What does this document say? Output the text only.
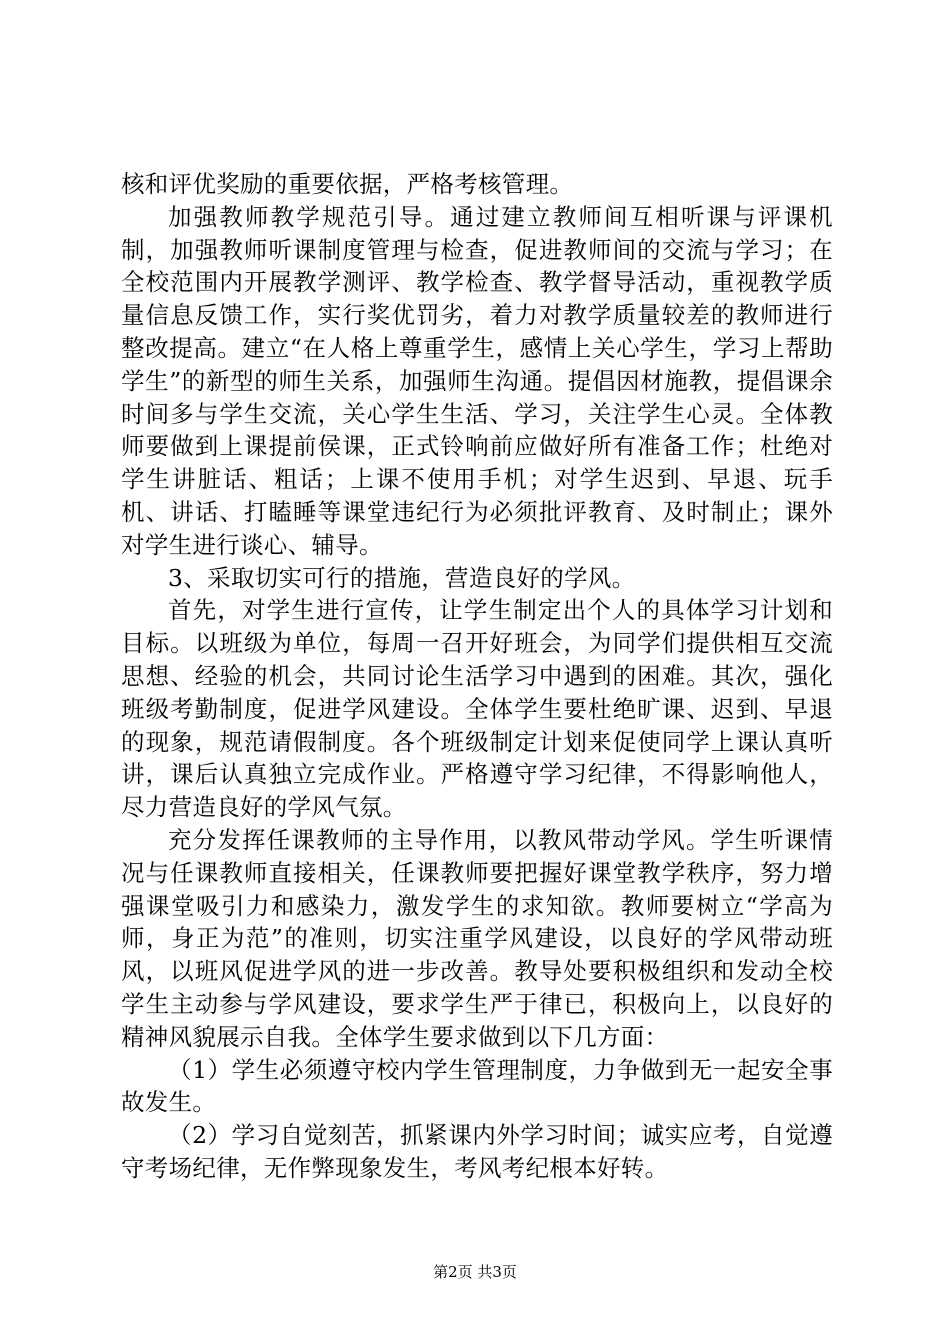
核和评优奖励的重要依据，严格考核管理。

加强教师教学规范引导。通过建立教师间互相听课与评课机制，加强教师听课制度管理与检查，促进教师间的交流与学习；在全校范围内开展教学测评、教学检查、教学督导活动，重视教学质量信息反馈工作，实行奖优罚劣，着力对教学质量较差的教师进行整改提高。建立“在人格上尊重学生，感情上关心学生，学习上帮助学生”的新型的师生关系，加强师生沟通。提倡因材施教，提倡课余时间多与学生交流，关心学生生活、学习，关注学生心灵。全体教师要做到上课提前侯课，正式铃响前应做好所有准备工作；杜绝对学生讲脏话、粗话；上课不使用手机；对学生迟到、早退、玩手机、讲话、打瞌睡等课堂违纪行为必须批评教育、及时制止；课外对学生进行谈心、辅导。

3、采取切实可行的措施，营造良好的学风。

首先，对学生进行宣传，让学生制定出个人的具体学习计划和目标。以班级为单位，每周一召开好班会，为同学们提供相互交流思想、经验的机会，共同讨论生活学习中遇到的困难。其次，强化班级考勤制度，促进学风建设。全体学生要杜绝旷课、迟到、早退的现象，规范请假制度。各个班级制定计划来促使同学上课认真听讲，课后认真独立完成作业。严格遵守学习纪律，不得影响他人，尽力营造良好的学风气氛。

充分发挥任课教师的主导作用，以教风带动学风。学生听课情况与任课教师直接相关，任课教师要把握好课堂教学秩序，努力增强课堂吸引力和感染力，激发学生的求知欲。教师要树立“学高为师，身正为范”的准则，切实注重学风建设，以良好的学风带动班风，以班风促进学风的进一步改善。教导处要积极组织和发动全校学生主动参与学风建设，要求学生严于律已，积极向上，以良好的精神风貌展示自我。全体学生要求做到以下几方面：

（1）学生必须遵守校内学生管理制度，力争做到无一起安全事故发生。

（2）学习自觉刻苦，抓紧课内外学习时间；诚实应考，自觉遵守考场纪律，无作弊现象发生，考风考纪根本好转。

第2页 共3页
